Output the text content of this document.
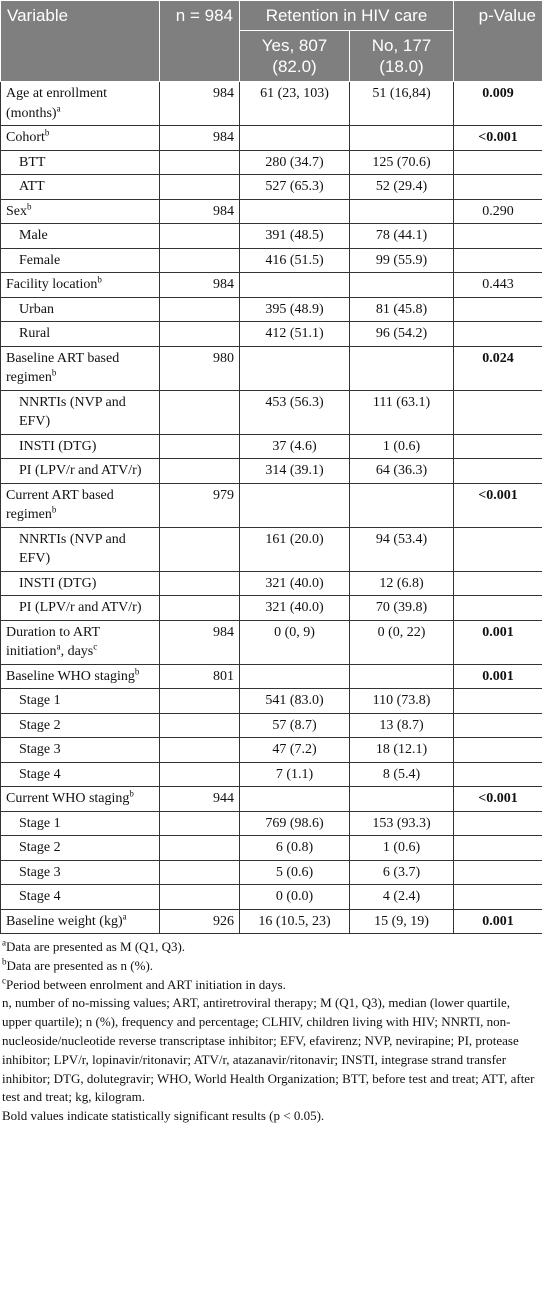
Variable	n = 984	Retention in HIV care		p-Value
		Yes, 807 (82.0)	No, 177 (18.0)	
Age at enrollment (months)$^a$	984	61 (23, 103)	51 (16,84)	0.009
Cohort$^b$	984			<0.001
BTT		280 (34.7)	125 (70.6)	
ATT		527 (65.3)	52 (29.4)	
Sex$^b$	984			0.290
Male		391 (48.5)	78 (44.1)	
Female		416 (51.5)	99 (55.9)	
Facility location$^b$	984			0.443
Urban		395 (48.9)	81 (45.8)	
Rural		412 (51.1)	96 (54.2)	
Baseline ART based regimen$^b$	980			0.024
NNRTIs (NVP and EFV)		453 (56.3)	111 (63.1)	
INSTI (DTG)		37 (4.6)	1 (0.6)	
PI (LPV/r and ATV/r)		314 (39.1)	64 (36.3)	
Current ART based regimen$^b$	979			<0.001
NNRTIs (NVP and EFV)		161 (20.0)	94 (53.4)	
INSTI (DTG)		321 (40.0)	12 (6.8)	
PI (LPV/r and ATV/r)		321 (40.0)	70 (39.8)	
Duration to ART initiation$^a$, days$^c$	984	0 (0, 9)	0 (0, 22)	0.001
Baseline WHO staging$^b$	801			0.001
Stage 1		541 (83.0)	110 (73.8)	
Stage 2		57 (8.7)	13 (8.7)	
Stage 3		47 (7.2)	18 (12.1)	
Stage 4		7 (1.1)	8 (5.4)	
Current WHO staging$^b$	944			<0.001
Stage 1		769 (98.6)	153 (93.3)	
Stage 2		6 (0.8)	1 (0.6)	
Stage 3		5 (0.6)	6 (3.7)	
Stage 4		0 (0.0)	4 (2.4)	
Baseline weight (kg)$^a$	926	16 (10.5, 23)	15 (9, 19)	0.001

$^a$Data are presented as M (Q1, Q3).

$^b$Data are presented as n (%).

$^c$Period between enrolment and ART initiation in days.

n, number of no-missing values; ART, antiretroviral therapy; M (Q1, Q3), median (lower quartile, upper quartile); n (%), frequency and percentage; CLHIV, children living with HIV; NNRTI, non-nucleoside/nucleotide reverse transcriptase inhibitor; EFV, efavirenz; NVP, nevirapine; PI, protease inhibitor; LPV/r, lopinavir/ritonavir; ATV/r, atazanavir/ritonavir; INSTI, integrase strand transfer inhibitor; DTG, dolutegravir; WHO, World Health Organization; BTT, before test and treat; ATT, after test and treat; kg, kilogram.

Bold values indicate statistically significant results (p < 0.05).
